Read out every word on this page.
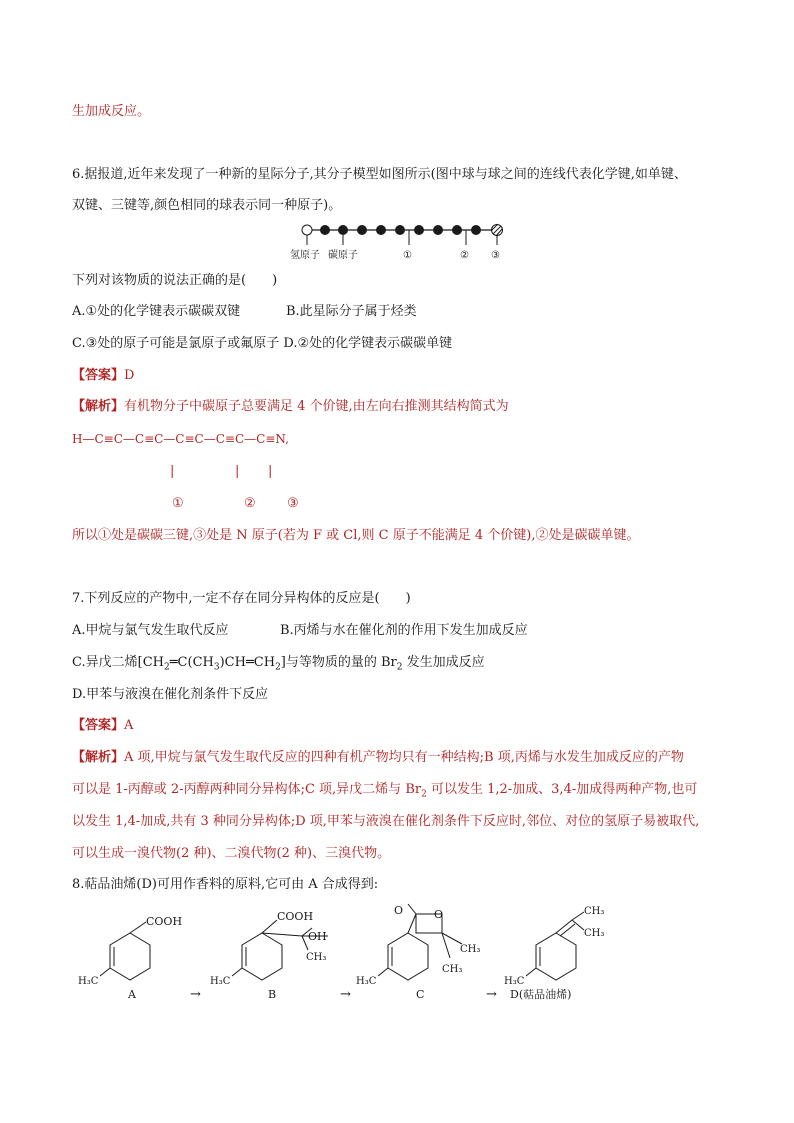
生加成反应。
6.据报道,近年来发现了一种新的星际分子,其分子模型如图所示(图中球与球之间的连线代表化学键,如单键、
双键、三键等,颜色相同的球表示同一种原子)。
氢原子 碳原子	①	② ③
下列对该物质的说法正确的是(　　)
A.①处的化学键表示碳碳双键	B.此星际分子属于烃类
C.③处的原子可能是氯原子或氟原子 D.②处的化学键表示碳碳单键
【答案】D
【解析】有机物分子中碳原子总要满足 4 个价键,由左向右推测其结构简式为
H—C≡C—C≡C—C≡C—C≡C—C≡N,
|	| |
①	② ③
所以①处是碳碳三键,③处是 N 原子(若为 F 或 Cl,则 C 原子不能满足 4 个价键),②处是碳碳单键。
7.下列反应的产物中,一定不存在同分异构体的反应是(　　)
A.甲烷与氯气发生取代反应	B.丙烯与水在催化剂的作用下发生加成反应
C.异戊二烯$[CH_2═C(CH_3)CH═CH_2]$与等物质的量的 $Br_2$ 发生加成反应
D.甲苯与液溴在催化剂条件下反应
【答案】A
【解析】A 项,甲烷与氯气发生取代反应的四种有机产物均只有一种结构;B 项,丙烯与水发生加成反应的产物
可以是 1-丙醇或 2-丙醇两种同分异构体;C 项,异戊二烯与 $Br_2$ 可以发生 1,2-加成、3,4-加成得两种产物,也可
以发生 1,4-加成,共有 3 种同分异构体;D 项,甲苯与液溴在催化剂条件下反应时,邻位、对位的氢原子易被取代,
可以生成一溴代物(2 种)、二溴代物(2 种)、三溴代物。
8.萜品油烯(D)可用作香料的原料,它可由 A 合成得到:
COOH
H₃C
A	→
COOH
OH
CH₃
H₃C
B	→
O	O
CH₃
CH₃
H₃C
C	→
CH₃
CH₃
H₃C
D(萜品油烯)
